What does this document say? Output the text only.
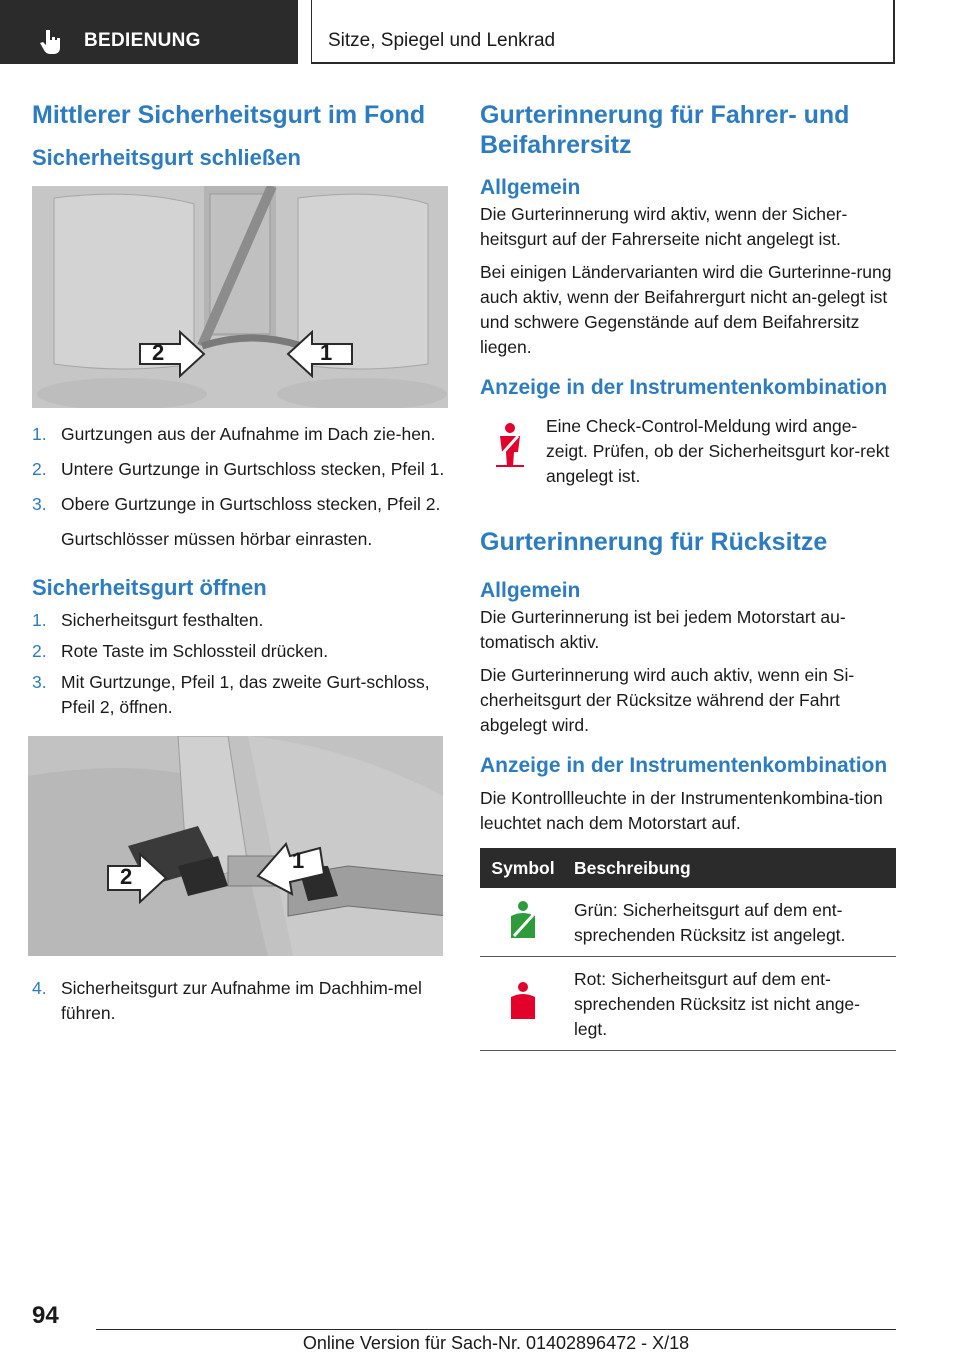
BEDIENUNG	Sitze, Spiegel und Lenkrad
Mittlerer Sicherheitsgurt im Fond
Sicherheitsgurt schließen
2	1
1. Gurtzungen aus der Aufnahme im Dach zie-hen.
2. Untere Gurtzunge in Gurtschloss stecken, Pfeil 1.
3. Obere Gurtzunge in Gurtschloss stecken, Pfeil 2.

Gurtschlösser müssen hörbar einrasten.

Sicherheitsgurt öffnen
1. Sicherheitsgurt festhalten.
2. Rote Taste im Schlossteil drücken.
3. Mit Gurtzunge, Pfeil 1, das zweite Gurt-schloss, Pfeil 2, öffnen.
2
1
4. Sicherheitsgurt zur Aufnahme im Dachhim-mel führen.
Gurterinnerung für Fahrer- und Beifahrersitz
Allgemein

Die Gurterinnerung wird aktiv, wenn der Sicher-heitsgurt auf der Fahrerseite nicht angelegt ist.

Bei einigen Ländervarianten wird die Gurterinne-rung auch aktiv, wenn der Beifahrergurt nicht an-gelegt ist und schwere Gegenstände auf dem Beifahrersitz liegen.

Anzeige in der Instrumentenkombination

Eine Check-Control-Meldung wird ange-zeigt. Prüfen, ob der Sicherheitsgurt kor-rekt angelegt ist.

Gurterinnerung für Rücksitze
Allgemein

Die Gurterinnerung ist bei jedem Motorstart au-tomatisch aktiv.

Die Gurterinnerung wird auch aktiv, wenn ein Si-cherheitsgurt der Rücksitze während der Fahrt abgelegt wird.

Anzeige in der Instrumentenkombination

Die Kontrollleuchte in der Instrumentenkombina-tion leuchtet nach dem Motorstart auf.

Symbol	Beschreibung
	Grün: Sicherheitsgurt auf dem ent-sprechenden Rücksitz ist angelegt.
	Rot: Sicherheitsgurt auf dem ent-sprechenden Rücksitz ist nicht ange-legt.
94
Online Version für Sach-Nr. 01402896472 - X/18
